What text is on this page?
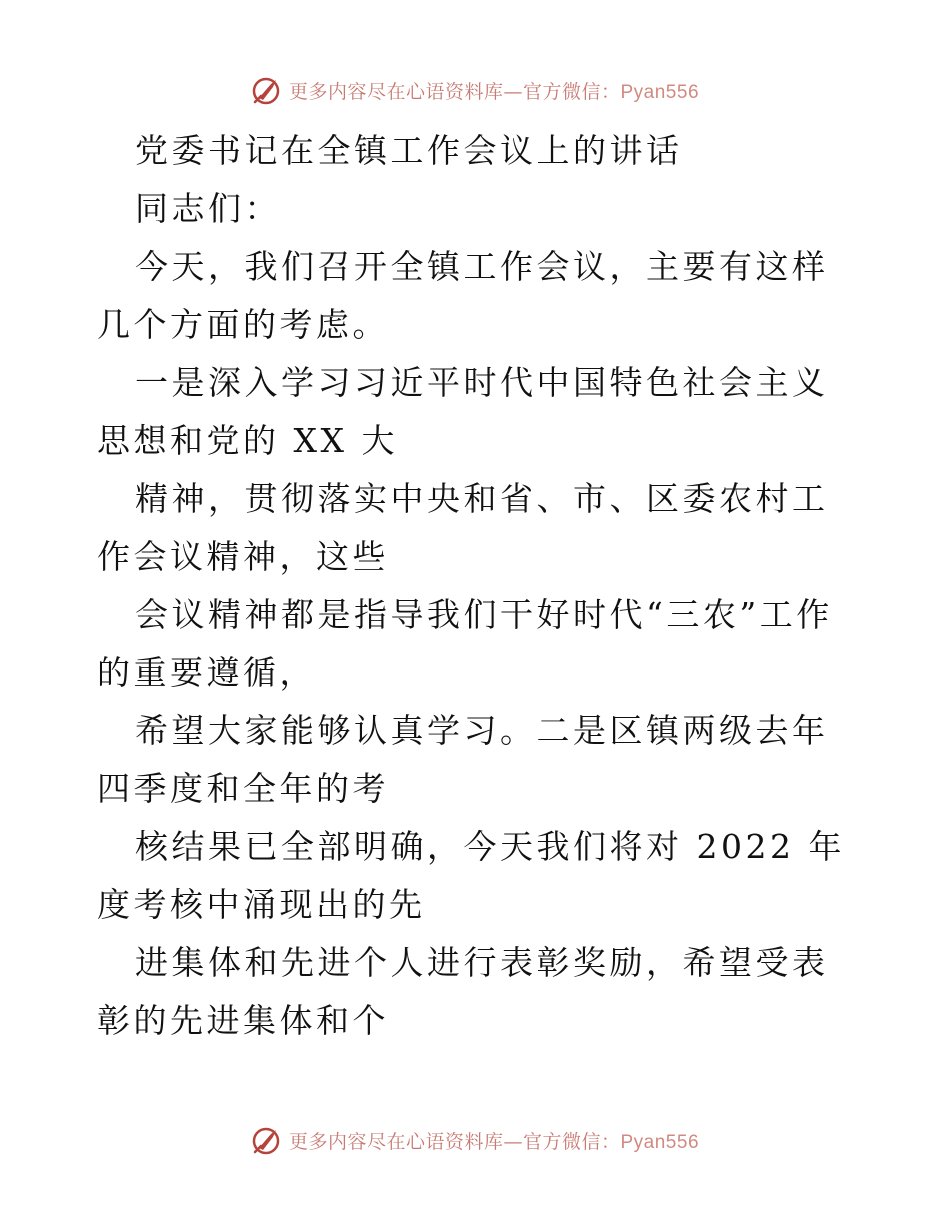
更多内容尽在心语资料库—官方微信：Pyan556

党委书记在全镇工作会议上的讲话

同志们：

今天，我们召开全镇工作会议，主要有这样几个方面的考虑。

一是深入学习习近平时代中国特色社会主义思想和党的 XX 大

精神，贯彻落实中央和省、市、区委农村工作会议精神，这些

会议精神都是指导我们干好时代“三农”工作的重要遵循，

希望大家能够认真学习。二是区镇两级去年四季度和全年的考

核结果已全部明确，今天我们将对 2022 年度考核中涌现出的先

进集体和先进个人进行表彰奖励，希望受表彰的先进集体和个

更多内容尽在心语资料库—官方微信：Pyan556
